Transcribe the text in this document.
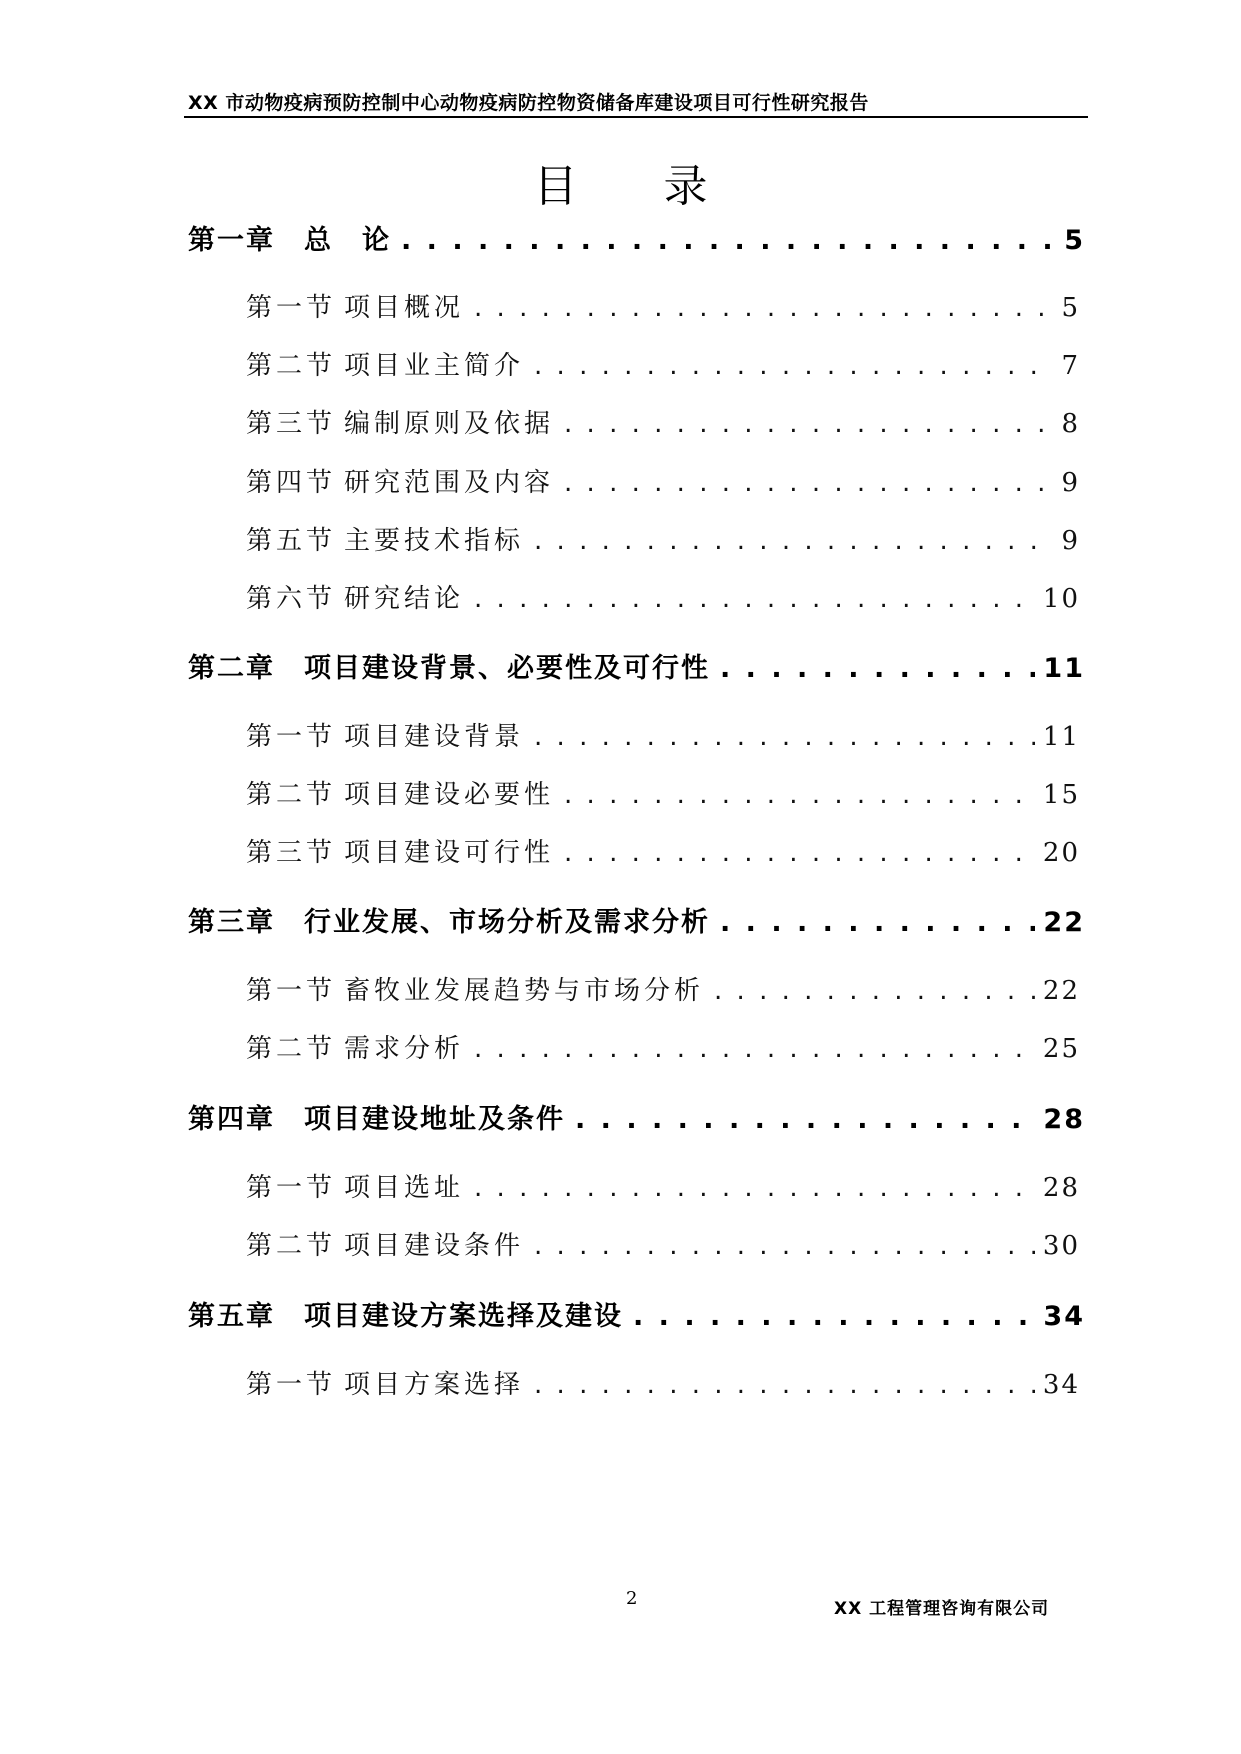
XX 市动物疫病预防控制中心动物疫病防控物资储备库建设项目可行性研究报告
目 录
第一章	总　论 . . .	5
第一节 项目概况 . . .	5
第二节 项目业主简介 . . .	7
第三节 编制原则及依据 . . .	8
第四节 研究范围及内容 . . .	9
第五节 主要技术指标 . . .	9
第六节 研究结论 . . .	10
第二章	项目建设背景、必要性及可行性 . . .	11
第一节 项目建设背景 . . .	11
第二节 项目建设必要性 . . .	15
第三节 项目建设可行性 . . .	20
第三章	行业发展、市场分析及需求分析 . . .	22
第一节 畜牧业发展趋势与市场分析 . . .	22
第二节 需求分析 . . .	25
第四章	项目建设地址及条件 . . .	28
第一节 项目选址 . . .	28
第二节 项目建设条件 . . .	30
第五章	项目建设方案选择及建设 . . .	34
第一节 项目方案选择 . . .	34
2	XX 工程管理咨询有限公司
